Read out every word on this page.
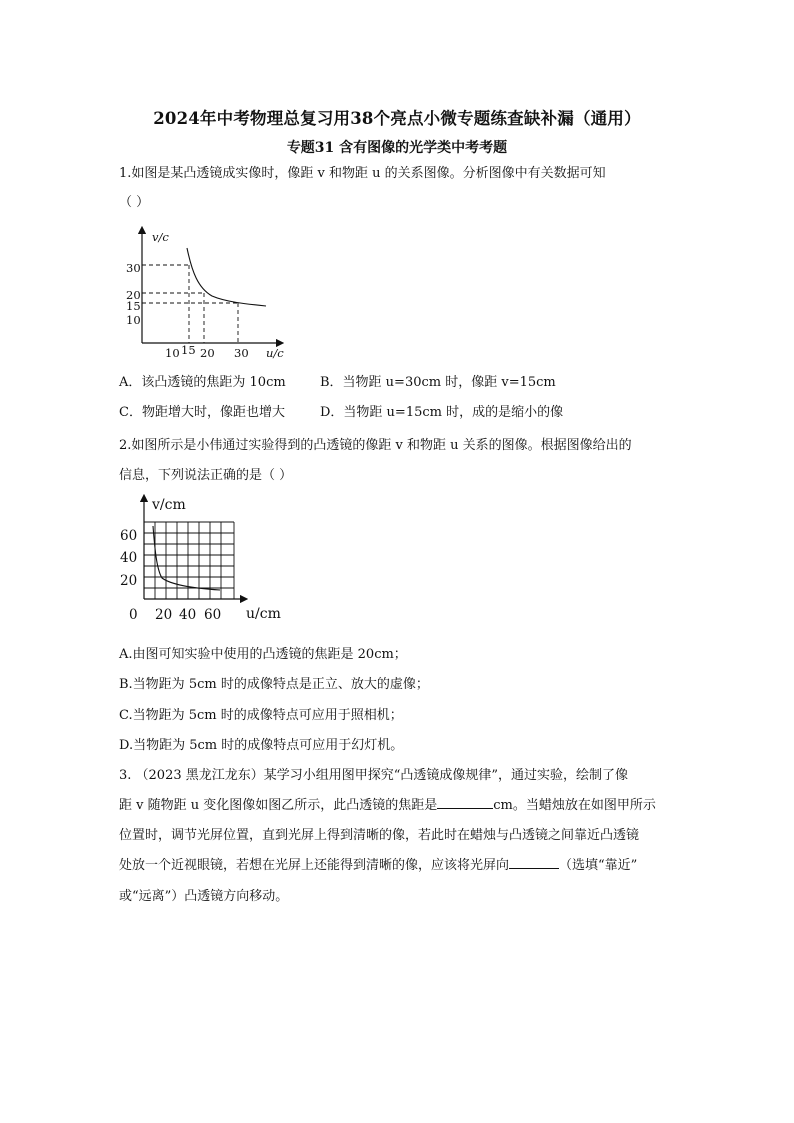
2024年中考物理总复习用38个亮点小微专题练查缺补漏（通用）
专题31 含有图像的光学类中考考题
1.如图是某凸透镜成实像时，像距 v 和物距 u 的关系图像。分析图像中有关数据可知
（ ）
v/c
u/c
30
20
15
10
10 15 20 30
A．该凸透镜的焦距为 10cm	B．当物距 u=30cm 时，像距 v=15cm
C．物距增大时，像距也增大	D．当物距 u=15cm 时，成的是缩小的像
2.如图所示是小伟通过实验得到的凸透镜的像距 v 和物距 u 关系的图像。根据图像给出的
信息，下列说法正确的是（ ）
v/cm
u/cm
60
40
20
0 20 40 60
A.由图可知实验中使用的凸透镜的焦距是 20cm；
B.当物距为 5cm 时的成像特点是正立、放大的虚像；
C.当物距为 5cm 时的成像特点可应用于照相机；
D.当物距为 5cm 时的成像特点可应用于幻灯机。
3. （2023 黑龙江龙东）某学习小组用图甲探究“凸透镜成像规律”，通过实验，绘制了像
距 v 随物距 u 变化图像如图乙所示，此凸透镜的焦距是	cm。当蜡烛放在如图甲所示
位置时，调节光屏位置，直到光屏上得到清晰的像，若此时在蜡烛与凸透镜之间靠近凸透镜
处放一个近视眼镜，若想在光屏上还能得到清晰的像，应该将光屏向	（选填“靠近”
或“远离”）凸透镜方向移动。
